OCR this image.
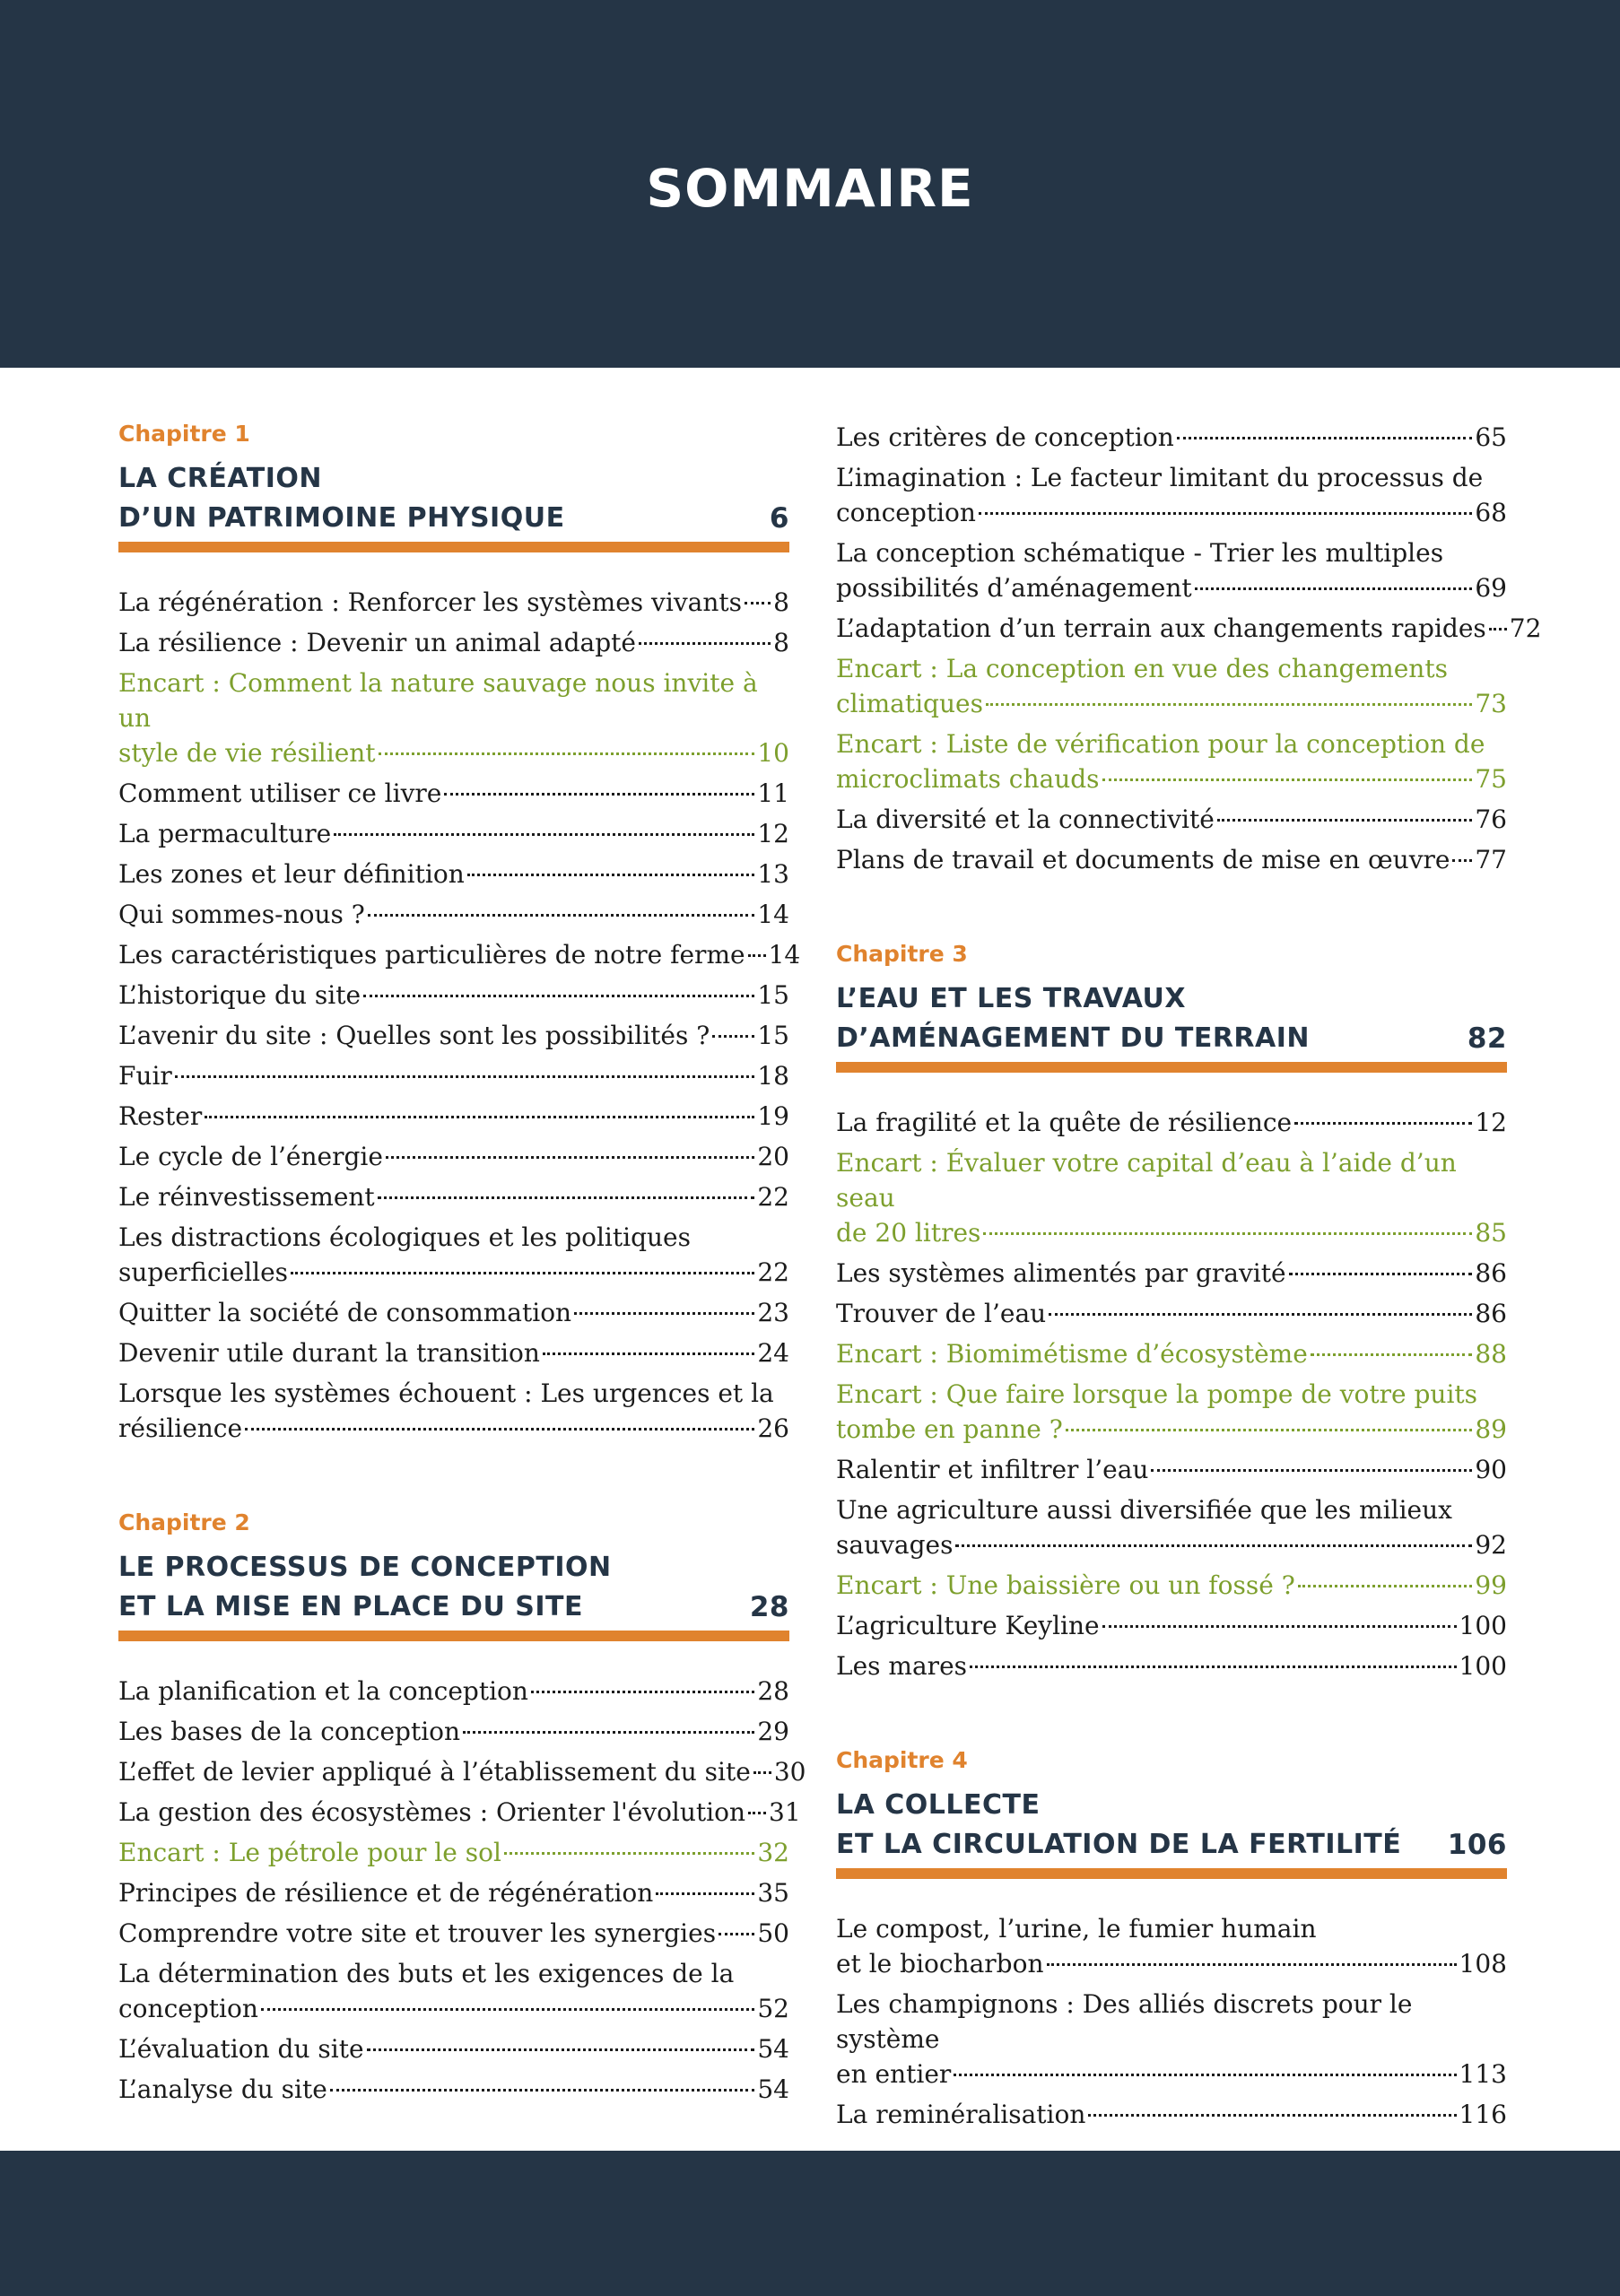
SOMMAIRE
Chapitre 1
LA CRÉATION
D’UN PATRIMOINE PHYSIQUE	6
La régénération : Renforcer les systèmes vivants 8
La résilience : Devenir un animal adapté	8
Encart : Comment la nature sauvage nous invite à un
style de vie résilient	10
Comment utiliser ce livre	11
La permaculture	12
Les zones et leur définition	13
Qui sommes-nous ?	14
Les caractéristiques particulières de notre ferme 14
L’historique du site	15
L’avenir du site : Quelles sont les possibilités ? 15
Fuir	18
Rester	19
Le cycle de l’énergie	20
Le réinvestissement	22
Les distractions écologiques et les politiques
superficielles	22
Quitter la société de consommation	23
Devenir utile durant la transition	24
Lorsque les systèmes échouent : Les urgences et la
résilience	26
Chapitre 2
LE PROCESSUS DE CONCEPTION
ET LA MISE EN PLACE DU SITE	28
La planification et la conception	28
Les bases de la conception	29
L’effet de levier appliqué à l’établissement du site 30
La gestion des écosystèmes : Orienter l'évolution 31
Encart : Le pétrole pour le sol	32
Principes de résilience et de régénération	35
Comprendre votre site et trouver les synergies 50
La détermination des buts et les exigences de la
conception	52
L’évaluation du site	54
L’analyse du site	54
Les critères de conception	65
L’imagination : Le facteur limitant du processus de
conception	68
La conception schématique - Trier les multiples
possibilités d’aménagement	69
L’adaptation d’un terrain aux changements rapides 72
Encart : La conception en vue des changements
climatiques	73
Encart : Liste de vérification pour la conception de
microclimats chauds	75
La diversité et la connectivité	76
Plans de travail et documents de mise en œuvre 77
Chapitre 3
L’EAU ET LES TRAVAUX
D’AMÉNAGEMENT DU TERRAIN	82
La fragilité et la quête de résilience	12
Encart : Évaluer votre capital d’eau à l’aide d’un seau
de 20 litres	85
Les systèmes alimentés par gravité	86
Trouver de l’eau	86
Encart : Biomimétisme d’écosystème	88
Encart : Que faire lorsque la pompe de votre puits
tombe en panne ?	89
Ralentir et infiltrer l’eau	90
Une agriculture aussi diversifiée que les milieux
sauvages	92
Encart : Une baissière ou un fossé ?	99
L’agriculture Keyline	100
Les mares	100
Chapitre 4
LA COLLECTE
ET LA CIRCULATION DE LA FERTILITÉ 106
Le compost, l’urine, le fumier humain
et le biocharbon	108
Les champignons : Des alliés discrets pour le système
en entier	113
La reminéralisation	116
